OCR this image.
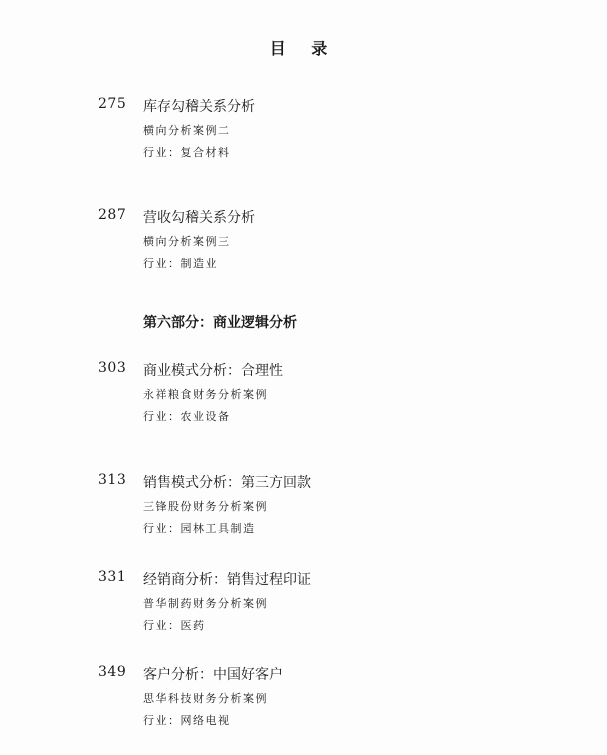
目 录
275 库存勾稽关系分析
横向分析案例二
行业：复合材料
287 营收勾稽关系分析
横向分析案例三
行业：制造业
第六部分：商业逻辑分析
303 商业模式分析：合理性
永祥粮食财务分析案例
行业：农业设备
313 销售模式分析：第三方回款
三锋股份财务分析案例
行业：园林工具制造
331 经销商分析：销售过程印证
普华制药财务分析案例
行业：医药
349 客户分析：中国好客户
思华科技财务分析案例
行业：网络电视
